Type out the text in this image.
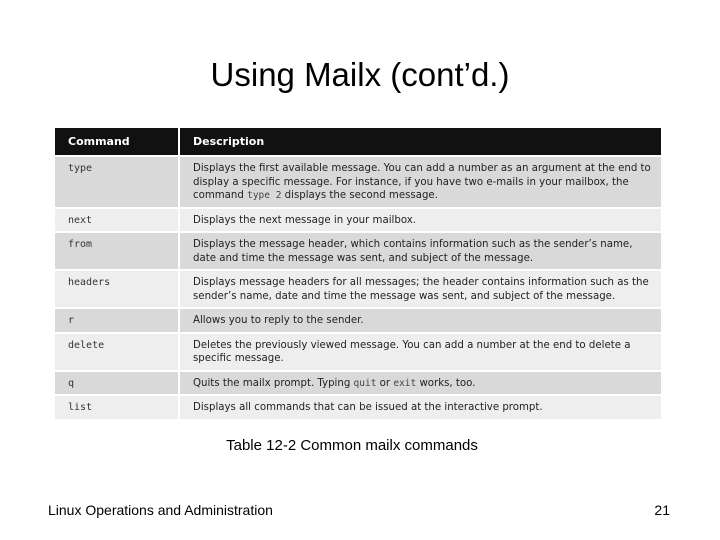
Using Mailx (cont’d.)
Command	Description
type	Displays the first available message. You can add a number as an argument at the end to display a specific message. For instance, if you have two e-mails in your mailbox, the command type 2 displays the second message.
next	Displays the next message in your mailbox.
from	Displays the message header, which contains information such as the sender’s name, date and time the message was sent, and subject of the message.
headers	Displays message headers for all messages; the header contains information such as the sender’s name, date and time the message was sent, and subject of the message.
r	Allows you to reply to the sender.
delete	Deletes the previously viewed message. You can add a number at the end to delete a specific message.
q	Quits the mailx prompt. Typing quit or exit works, too.
list	Displays all commands that can be issued at the interactive prompt.
Table 12-2 Common mailx commands
Linux Operations and Administration	21
